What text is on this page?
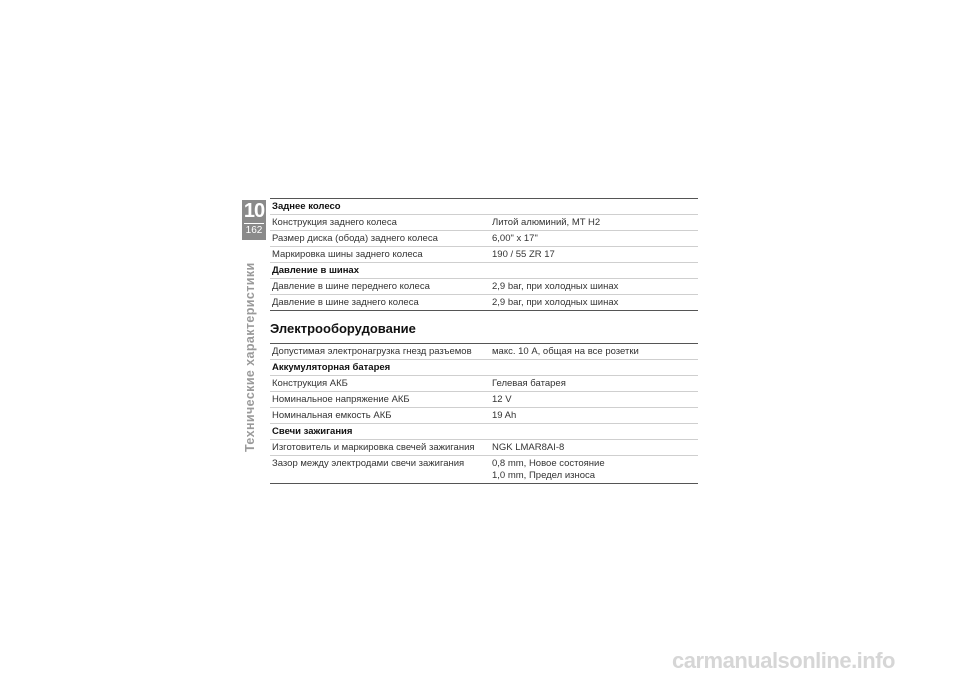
10
162
Технические характеристики
Заднее колесо	
Конструкция заднего колеса	Литой алюминий, MT H2
Размер диска (обода) заднего колеса	6,00" x 17"
Маркировка шины заднего колеса	190 / 55 ZR 17
Давление в шинах	
Давление в шине переднего колеса	2,9 bar, при холодных шинах
Давление в шине заднего колеса	2,9 bar, при холодных шинах
Электрооборудование
Допустимая электронагрузка гнезд разъемов	макс. 10 A, общая на все розетки
Аккумуляторная батарея	
Конструкция АКБ	Гелевая батарея
Номинальное напряжение АКБ	12 V
Номинальная емкость АКБ	19 Ah
Свечи зажигания	
Изготовитель и маркировка свечей зажигания	NGK LMAR8AI-8
Зазор между электродами свечи зажигания	0,8 mm, Новое состояние
1,0 mm, Предел износа
carmanualsonline.info
